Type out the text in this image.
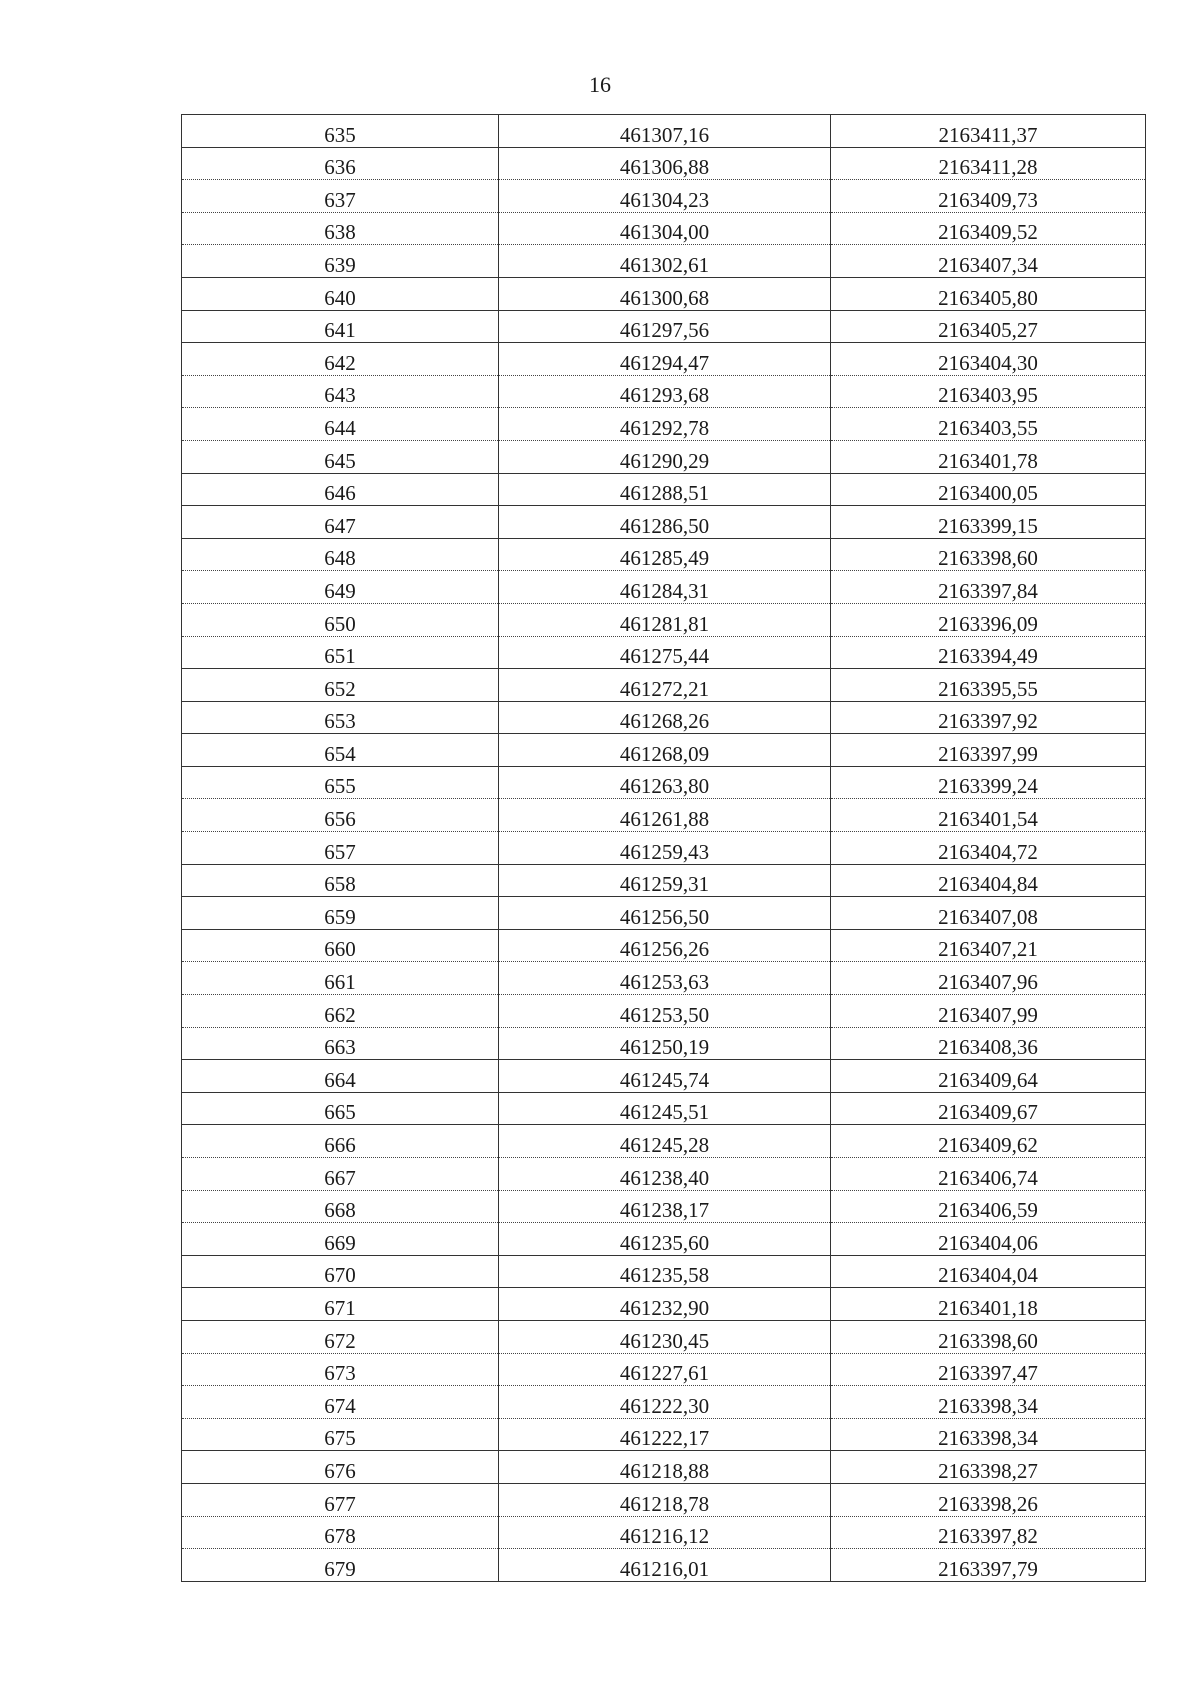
16
635	461307,16	2163411,37
636	461306,88	2163411,28
637	461304,23	2163409,73
638	461304,00	2163409,52
639	461302,61	2163407,34
640	461300,68	2163405,80
641	461297,56	2163405,27
642	461294,47	2163404,30
643	461293,68	2163403,95
644	461292,78	2163403,55
645	461290,29	2163401,78
646	461288,51	2163400,05
647	461286,50	2163399,15
648	461285,49	2163398,60
649	461284,31	2163397,84
650	461281,81	2163396,09
651	461275,44	2163394,49
652	461272,21	2163395,55
653	461268,26	2163397,92
654	461268,09	2163397,99
655	461263,80	2163399,24
656	461261,88	2163401,54
657	461259,43	2163404,72
658	461259,31	2163404,84
659	461256,50	2163407,08
660	461256,26	2163407,21
661	461253,63	2163407,96
662	461253,50	2163407,99
663	461250,19	2163408,36
664	461245,74	2163409,64
665	461245,51	2163409,67
666	461245,28	2163409,62
667	461238,40	2163406,74
668	461238,17	2163406,59
669	461235,60	2163404,06
670	461235,58	2163404,04
671	461232,90	2163401,18
672	461230,45	2163398,60
673	461227,61	2163397,47
674	461222,30	2163398,34
675	461222,17	2163398,34
676	461218,88	2163398,27
677	461218,78	2163398,26
678	461216,12	2163397,82
679	461216,01	2163397,79
